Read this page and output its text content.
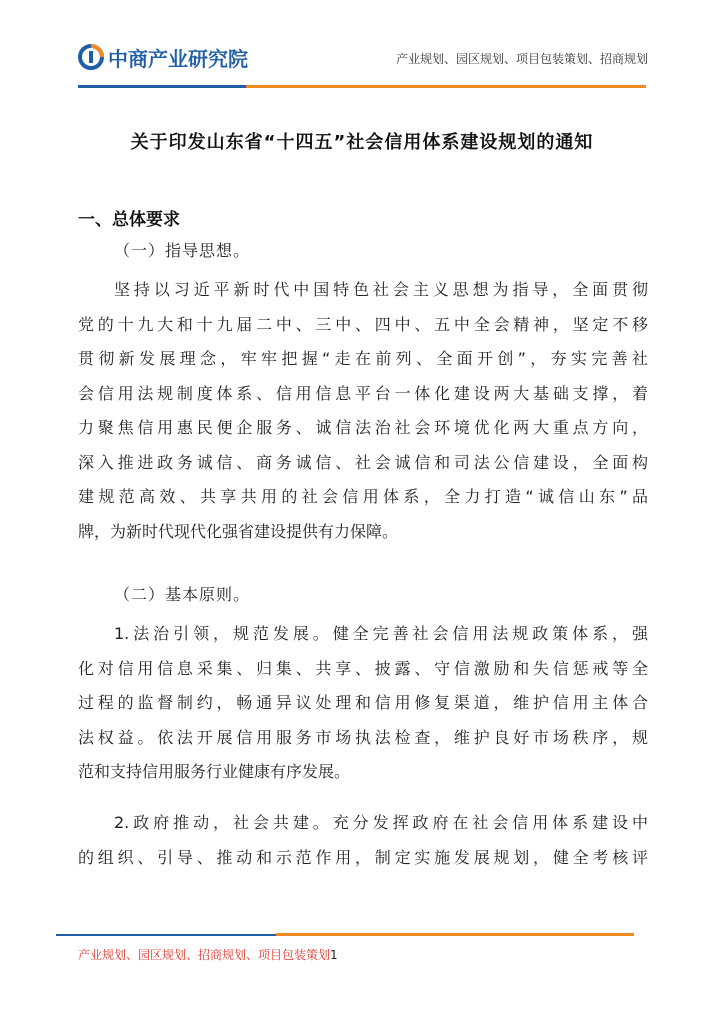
中商产业研究院	产业规划、园区规划、项目包装策划、招商规划
关于印发山东省“十四五”社会信用体系建设规划的通知
一、总体要求
（一）指导思想。
坚持以习近平新时代中国特色社会主义思想为指导，全面贯彻
党的十九大和十九届二中、三中、四中、五中全会精神，坚定不移
贯彻新发展理念，牢牢把握“走在前列、全面开创”，夯实完善社
会信用法规制度体系、信用信息平台一体化建设两大基础支撑，着
力聚焦信用惠民便企服务、诚信法治社会环境优化两大重点方向，
深入推进政务诚信、商务诚信、社会诚信和司法公信建设，全面构
建规范高效、共享共用的社会信用体系，全力打造“诚信山东”品
牌，为新时代现代化强省建设提供有力保障。
（二）基本原则。
1.法治引领，规范发展。健全完善社会信用法规政策体系，强
化对信用信息采集、归集、共享、披露、守信激励和失信惩戒等全
过程的监督制约，畅通异议处理和信用修复渠道，维护信用主体合
法权益。依法开展信用服务市场执法检查，维护良好市场秩序，规
范和支持信用服务行业健康有序发展。
2.政府推动，社会共建。充分发挥政府在社会信用体系建设中
的组织、引导、推动和示范作用，制定实施发展规划，健全考核评
产业规划、园区规划、招商规划、项目包装策划1
